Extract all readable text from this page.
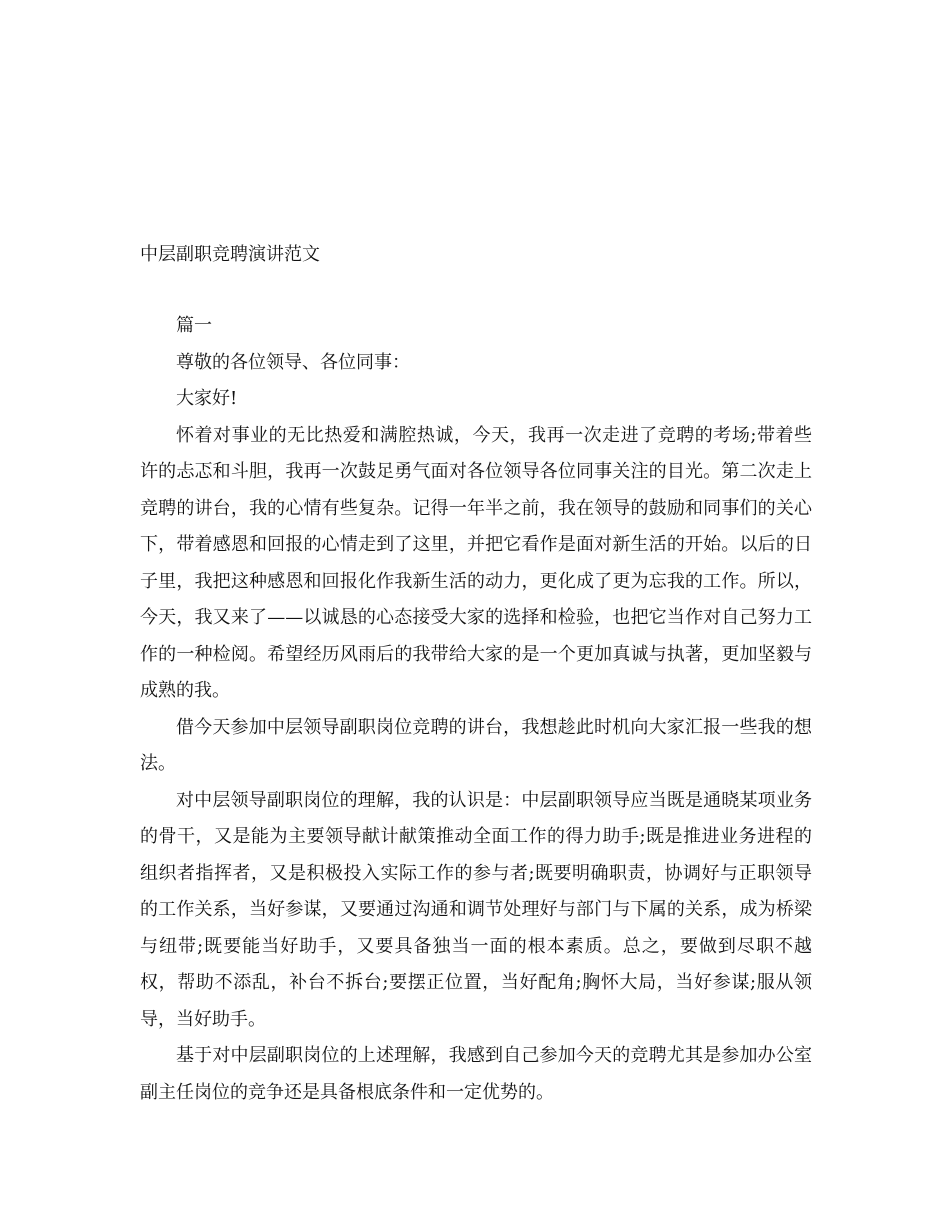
中层副职竞聘演讲范文

篇一

尊敬的各位领导、各位同事：

大家好!

怀着对事业的无比热爱和满腔热诚，今天，我再一次走进了竞聘的考场;带着些许的忐忑和斗胆，我再一次鼓足勇气面对各位领导各位同事关注的目光。第二次走上竞聘的讲台，我的心情有些复杂。记得一年半之前，我在领导的鼓励和同事们的关心下，带着感恩和回报的心情走到了这里，并把它看作是面对新生活的开始。以后的日子里，我把这种感恩和回报化作我新生活的动力，更化成了更为忘我的工作。所以，今天，我又来了——以诚恳的心态接受大家的选择和检验，也把它当作对自己努力工作的一种检阅。希望经历风雨后的我带给大家的是一个更加真诚与执著，更加坚毅与成熟的我。

借今天参加中层领导副职岗位竞聘的讲台，我想趁此时机向大家汇报一些我的想法。

对中层领导副职岗位的理解，我的认识是：中层副职领导应当既是通晓某项业务的骨干，又是能为主要领导献计献策推动全面工作的得力助手;既是推进业务进程的组织者指挥者，又是积极投入实际工作的参与者;既要明确职责，协调好与正职领导的工作关系，当好参谋，又要通过沟通和调节处理好与部门与下属的关系，成为桥梁与纽带;既要能当好助手，又要具备独当一面的根本素质。总之，要做到尽职不越权，帮助不添乱，补台不拆台;要摆正位置，当好配角;胸怀大局，当好参谋;服从领导，当好助手。

基于对中层副职岗位的上述理解，我感到自己参加今天的竞聘尤其是参加办公室副主任岗位的竞争还是具备根底条件和一定优势的。
